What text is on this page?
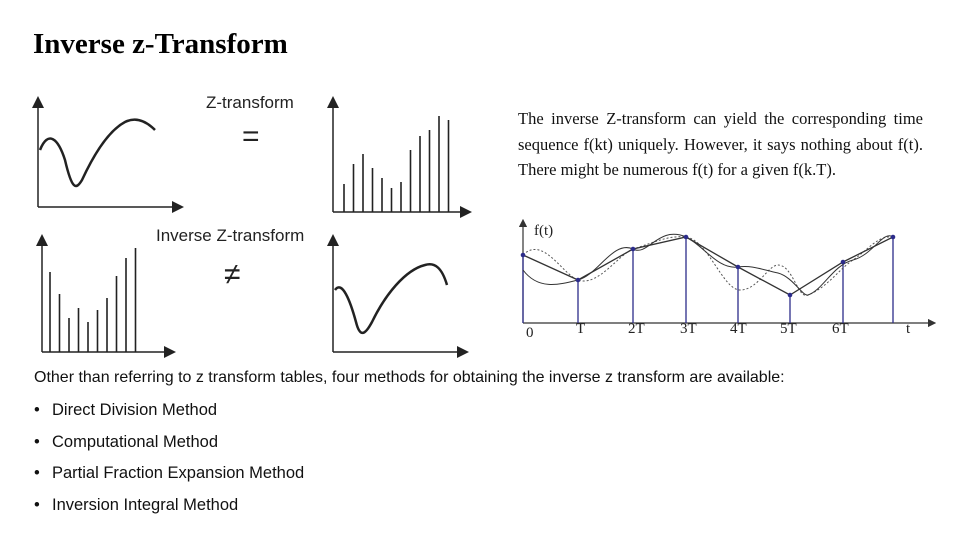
Inverse z-Transform
Z-transform
=
Inverse Z-transform
≠
The inverse Z-transform can yield the corresponding time sequence f(kt) uniquely. However, it says nothing about f(t). There might be numerous f(t) for a given f(k.T).
f(t)
0	T	2T 3T 4T 5T 6T	t
Other than referring to z transform tables, four methods for obtaining the inverse z transform are available:
• Direct Division Method
• Computational Method
• Partial Fraction Expansion Method
• Inversion Integral Method
